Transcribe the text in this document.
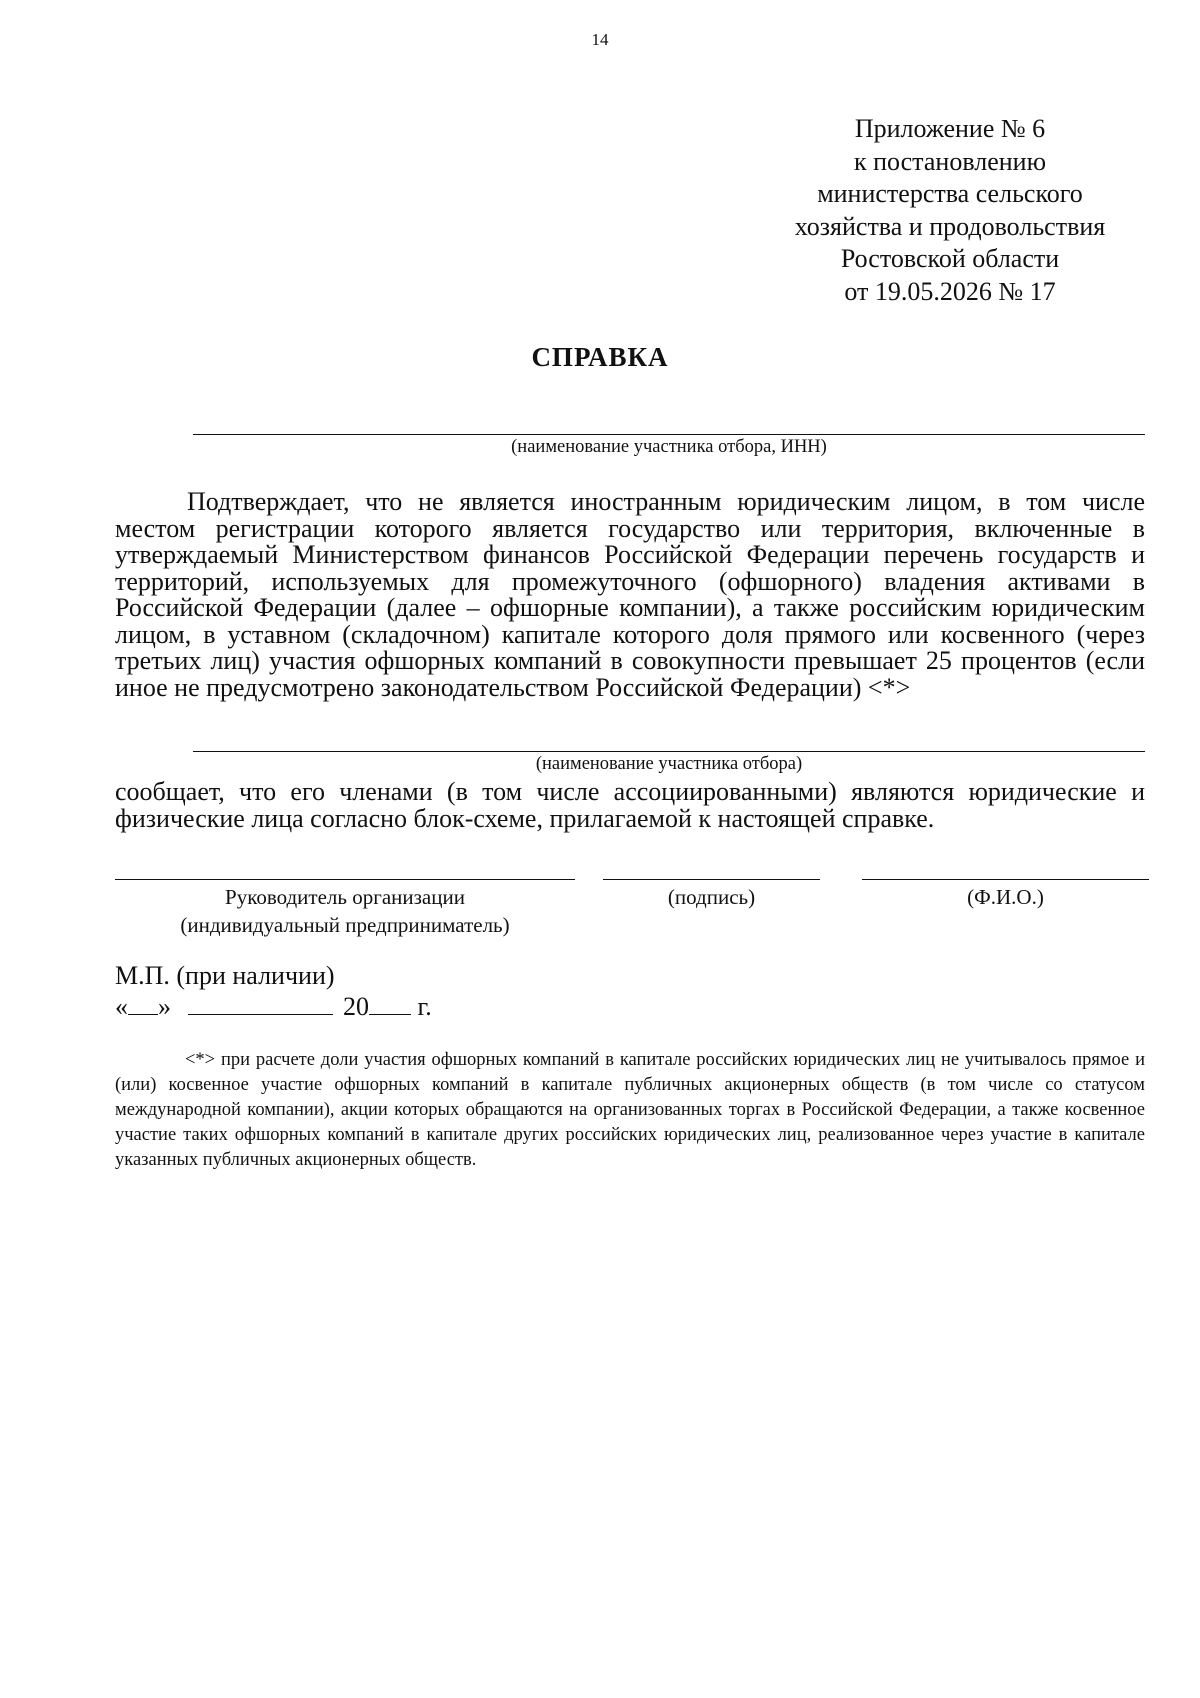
14
Приложение № 6
к постановлению
министерства сельского
хозяйства и продовольствия
Ростовской области
от 19.05.2026 № 17
СПРАВКА
(наименование участника отбора, ИНН)
Подтверждает, что не является иностранным юридическим лицом, в том числе местом регистрации которого является государство или территория, включенные в утверждаемый Министерством финансов Российской Федерации перечень государств и территорий, используемых для промежуточного (офшорного) владения активами в Российской Федерации (далее – офшорные компании), а также российским юридическим лицом, в уставном (складочном) капитале которого доля прямого или косвенного (через третьих лиц) участия офшорных компаний в совокупности превышает 25 процентов (если иное не предусмотрено законодательством Российской Федерации) <*>
(наименование участника отбора)
сообщает, что его членами (в том числе ассоциированными) являются юридические и физические лица согласно блок-схеме, прилагаемой к настоящей справке.
Руководитель организации
(индивидуальный предприниматель)
(подпись)	(Ф.И.О.)
М.П. (при наличии)
« »	20 г.
<*> при расчете доли участия офшорных компаний в капитале российских юридических лиц не учитывалось прямое и (или) косвенное участие офшорных компаний в капитале публичных акционерных обществ (в том числе со статусом международной компании), акции которых обращаются на организованных торгах в Российской Федерации, а также косвенное участие таких офшорных компаний в капитале других российских юридических лиц, реализованное через участие в капитале указанных публичных акционерных обществ.
